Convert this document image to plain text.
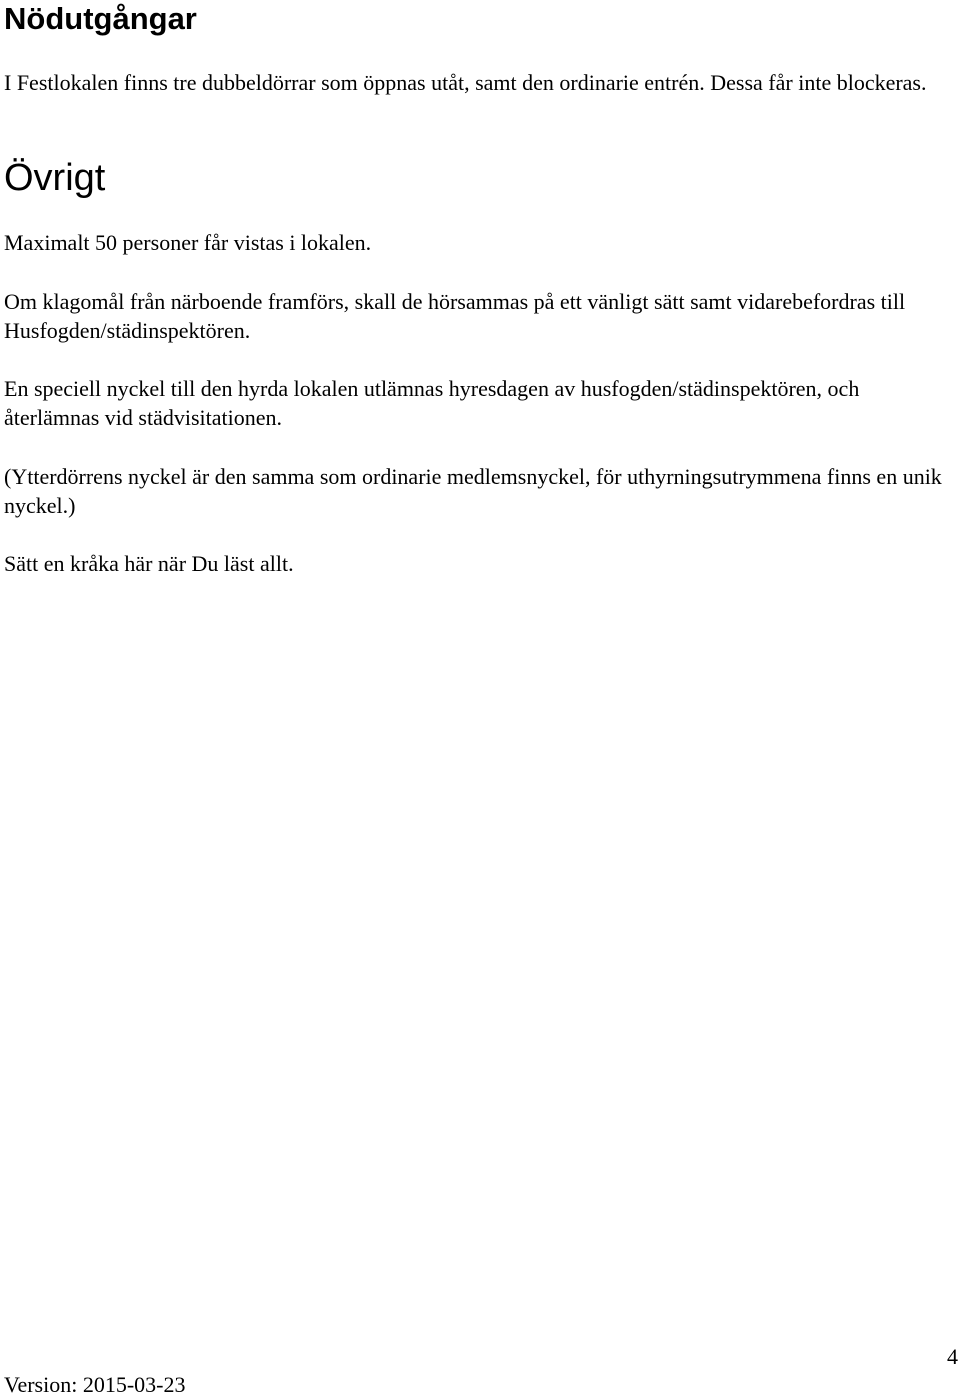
Nödutgångar

I Festlokalen finns tre dubbeldörrar som öppnas utåt, samt den ordinarie entrén. Dessa får inte blockeras.

Övrigt

Maximalt 50 personer får vistas i lokalen.

Om klagomål från närboende framförs, skall de hörsammas på ett vänligt sätt samt vidarebefordras till Husfogden/städinspektören.

En speciell nyckel till den hyrda lokalen utlämnas hyresdagen av husfogden/städinspektören, och återlämnas vid städvisitationen.

(Ytterdörrens nyckel är den samma som ordinarie medlemsnyckel, för uthyrningsutrymmena finns en unik nyckel.)

Sätt en kråka här när Du läst allt.

4
Version: 2015-03-23
